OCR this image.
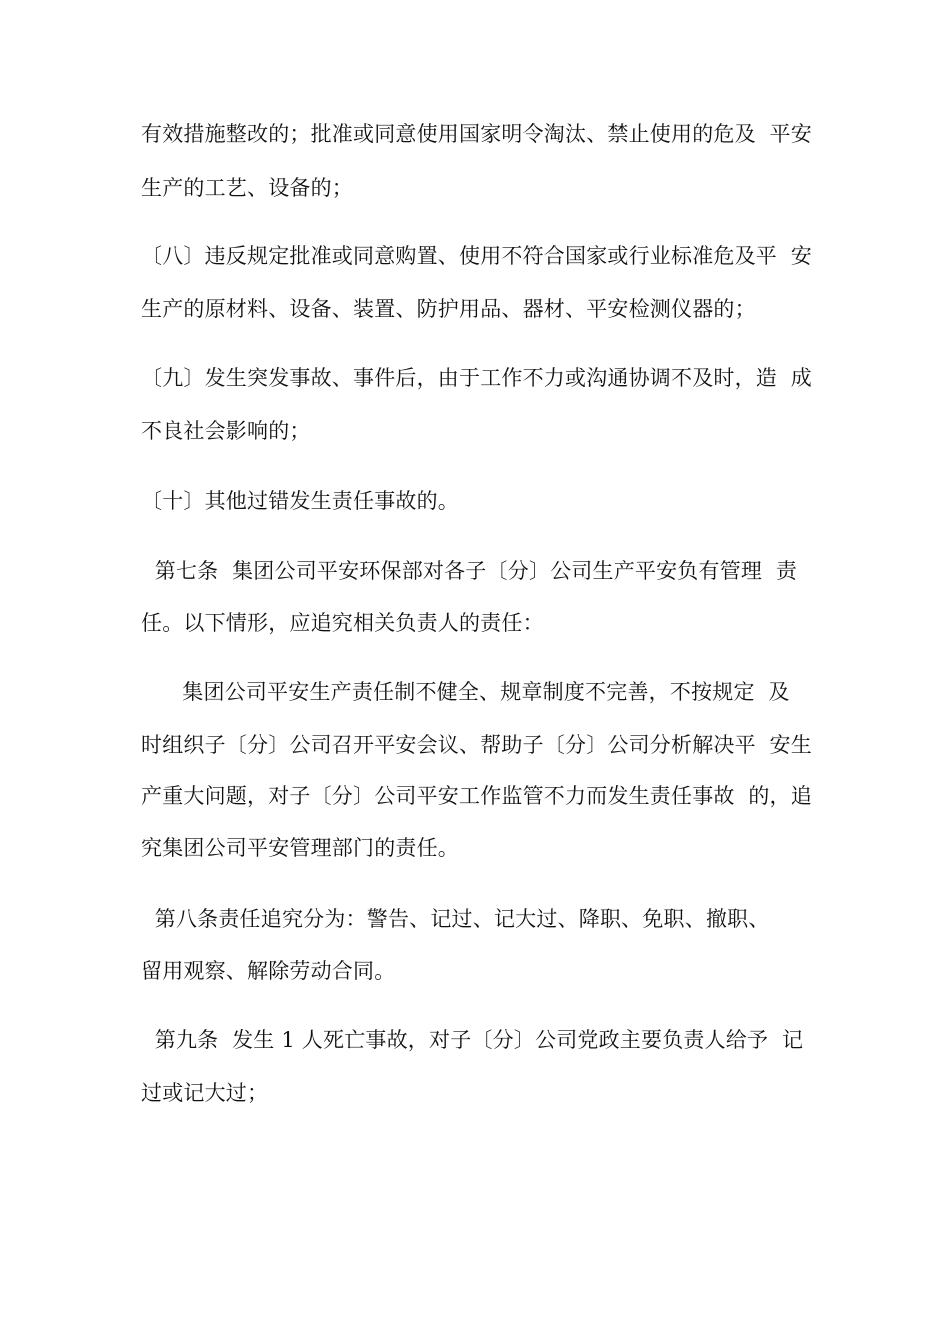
有效措施整改的；批准或同意使用国家明令淘汰、禁止使用的危及  平安
生产的工艺、设备的；
〔八〕违反规定批准或同意购置、使用不符合国家或行业标准危及平  安
生产的原材料、设备、装置、防护用品、器材、平安检测仪器的；
〔九〕发生突发事故、事件后，由于工作不力或沟通协调不及时，造  成
不良社会影响的；
〔十〕其他过错发生责任事故的。
第七条  集团公司平安环保部对各子〔分〕公司生产平安负有管理  责
任。以下情形，应追究相关负责人的责任：
集团公司平安生产责任制不健全、规章制度不完善，不按规定  及
时组织子〔分〕公司召开平安会议、帮助子〔分〕公司分析解决平  安生
产重大问题，对子〔分〕公司平安工作监管不力而发生责任事故  的，追
究集团公司平安管理部门的责任。
第八条责任追究分为：警告、记过、记大过、降职、免职、撤职、
留用观察、解除劳动合同。
第九条  发生 1 人死亡事故，对子〔分〕公司党政主要负责人给予  记
过或记大过；
